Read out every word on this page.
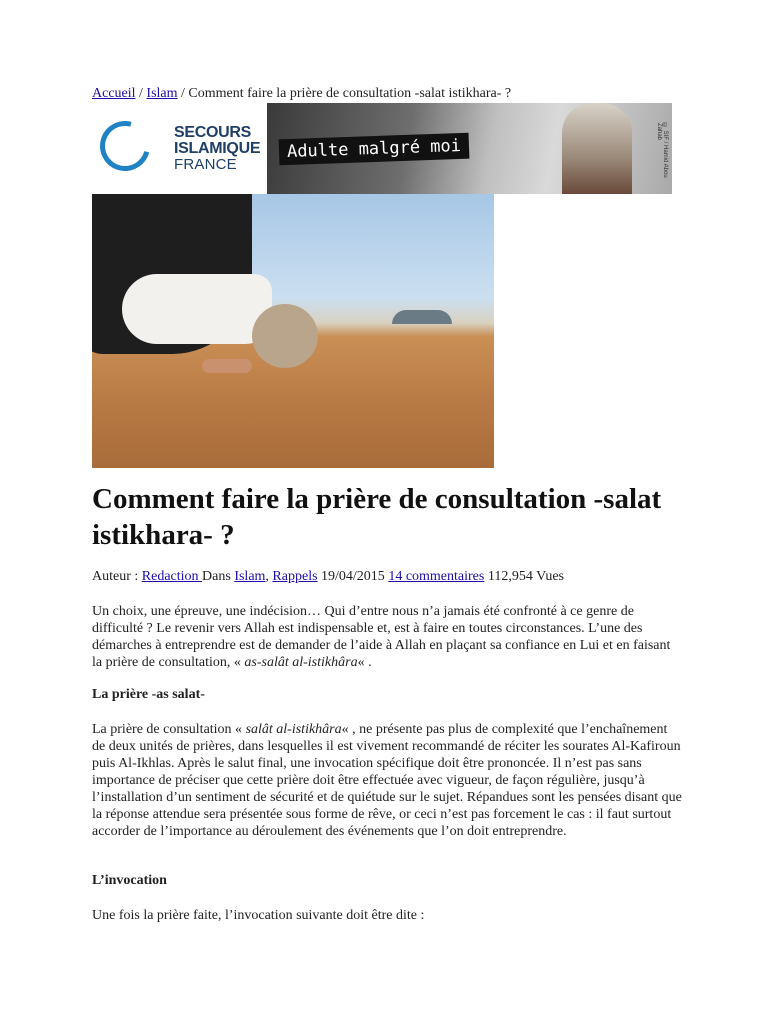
Accueil / Islam / Comment faire la prière de consultation -salat istikhara- ?
SECOURS
ISLAMIQUE
FRANCE
Adulte malgré moi	© SIF / Hamid Abou Zahab
Comment faire la prière de consultation -salat istikhara- ?
Auteur : Redaction Dans Islam, Rappels 19/04/2015 14 commentaires 112,954 Vues

Un choix, une épreuve, une indécision… Qui d’entre nous n’a jamais été confronté à ce genre de difficulté ? Le revenir vers Allah est indispensable et, est à faire en toutes circonstances. L’une des démarches à entreprendre est de demander de l’aide à Allah en plaçant sa confiance en Lui et en faisant la prière de consultation, « as-salât al-istikhâra« .

La prière -as salat-

La prière de consultation « salât al-istikhâra« , ne présente pas plus de complexité que l’enchaînement de deux unités de prières, dans lesquelles il est vivement recommandé de réciter les sourates Al-Kafiroun puis Al-Ikhlas. Après le salut final, une invocation spécifique doit être prononcée. Il n’est pas sans importance de préciser que cette prière doit être effectuée avec vigueur, de façon régulière, jusqu’à l’installation d’un sentiment de sécurité et de quiétude sur le sujet. Répandues sont les pensées disant que la réponse attendue sera présentée sous forme de rêve, or ceci n’est pas forcement le cas : il faut surtout accorder de l’importance au déroulement des événements que l’on doit entreprendre.

L’invocation

Une fois la prière faite, l’invocation suivante doit être dite :
